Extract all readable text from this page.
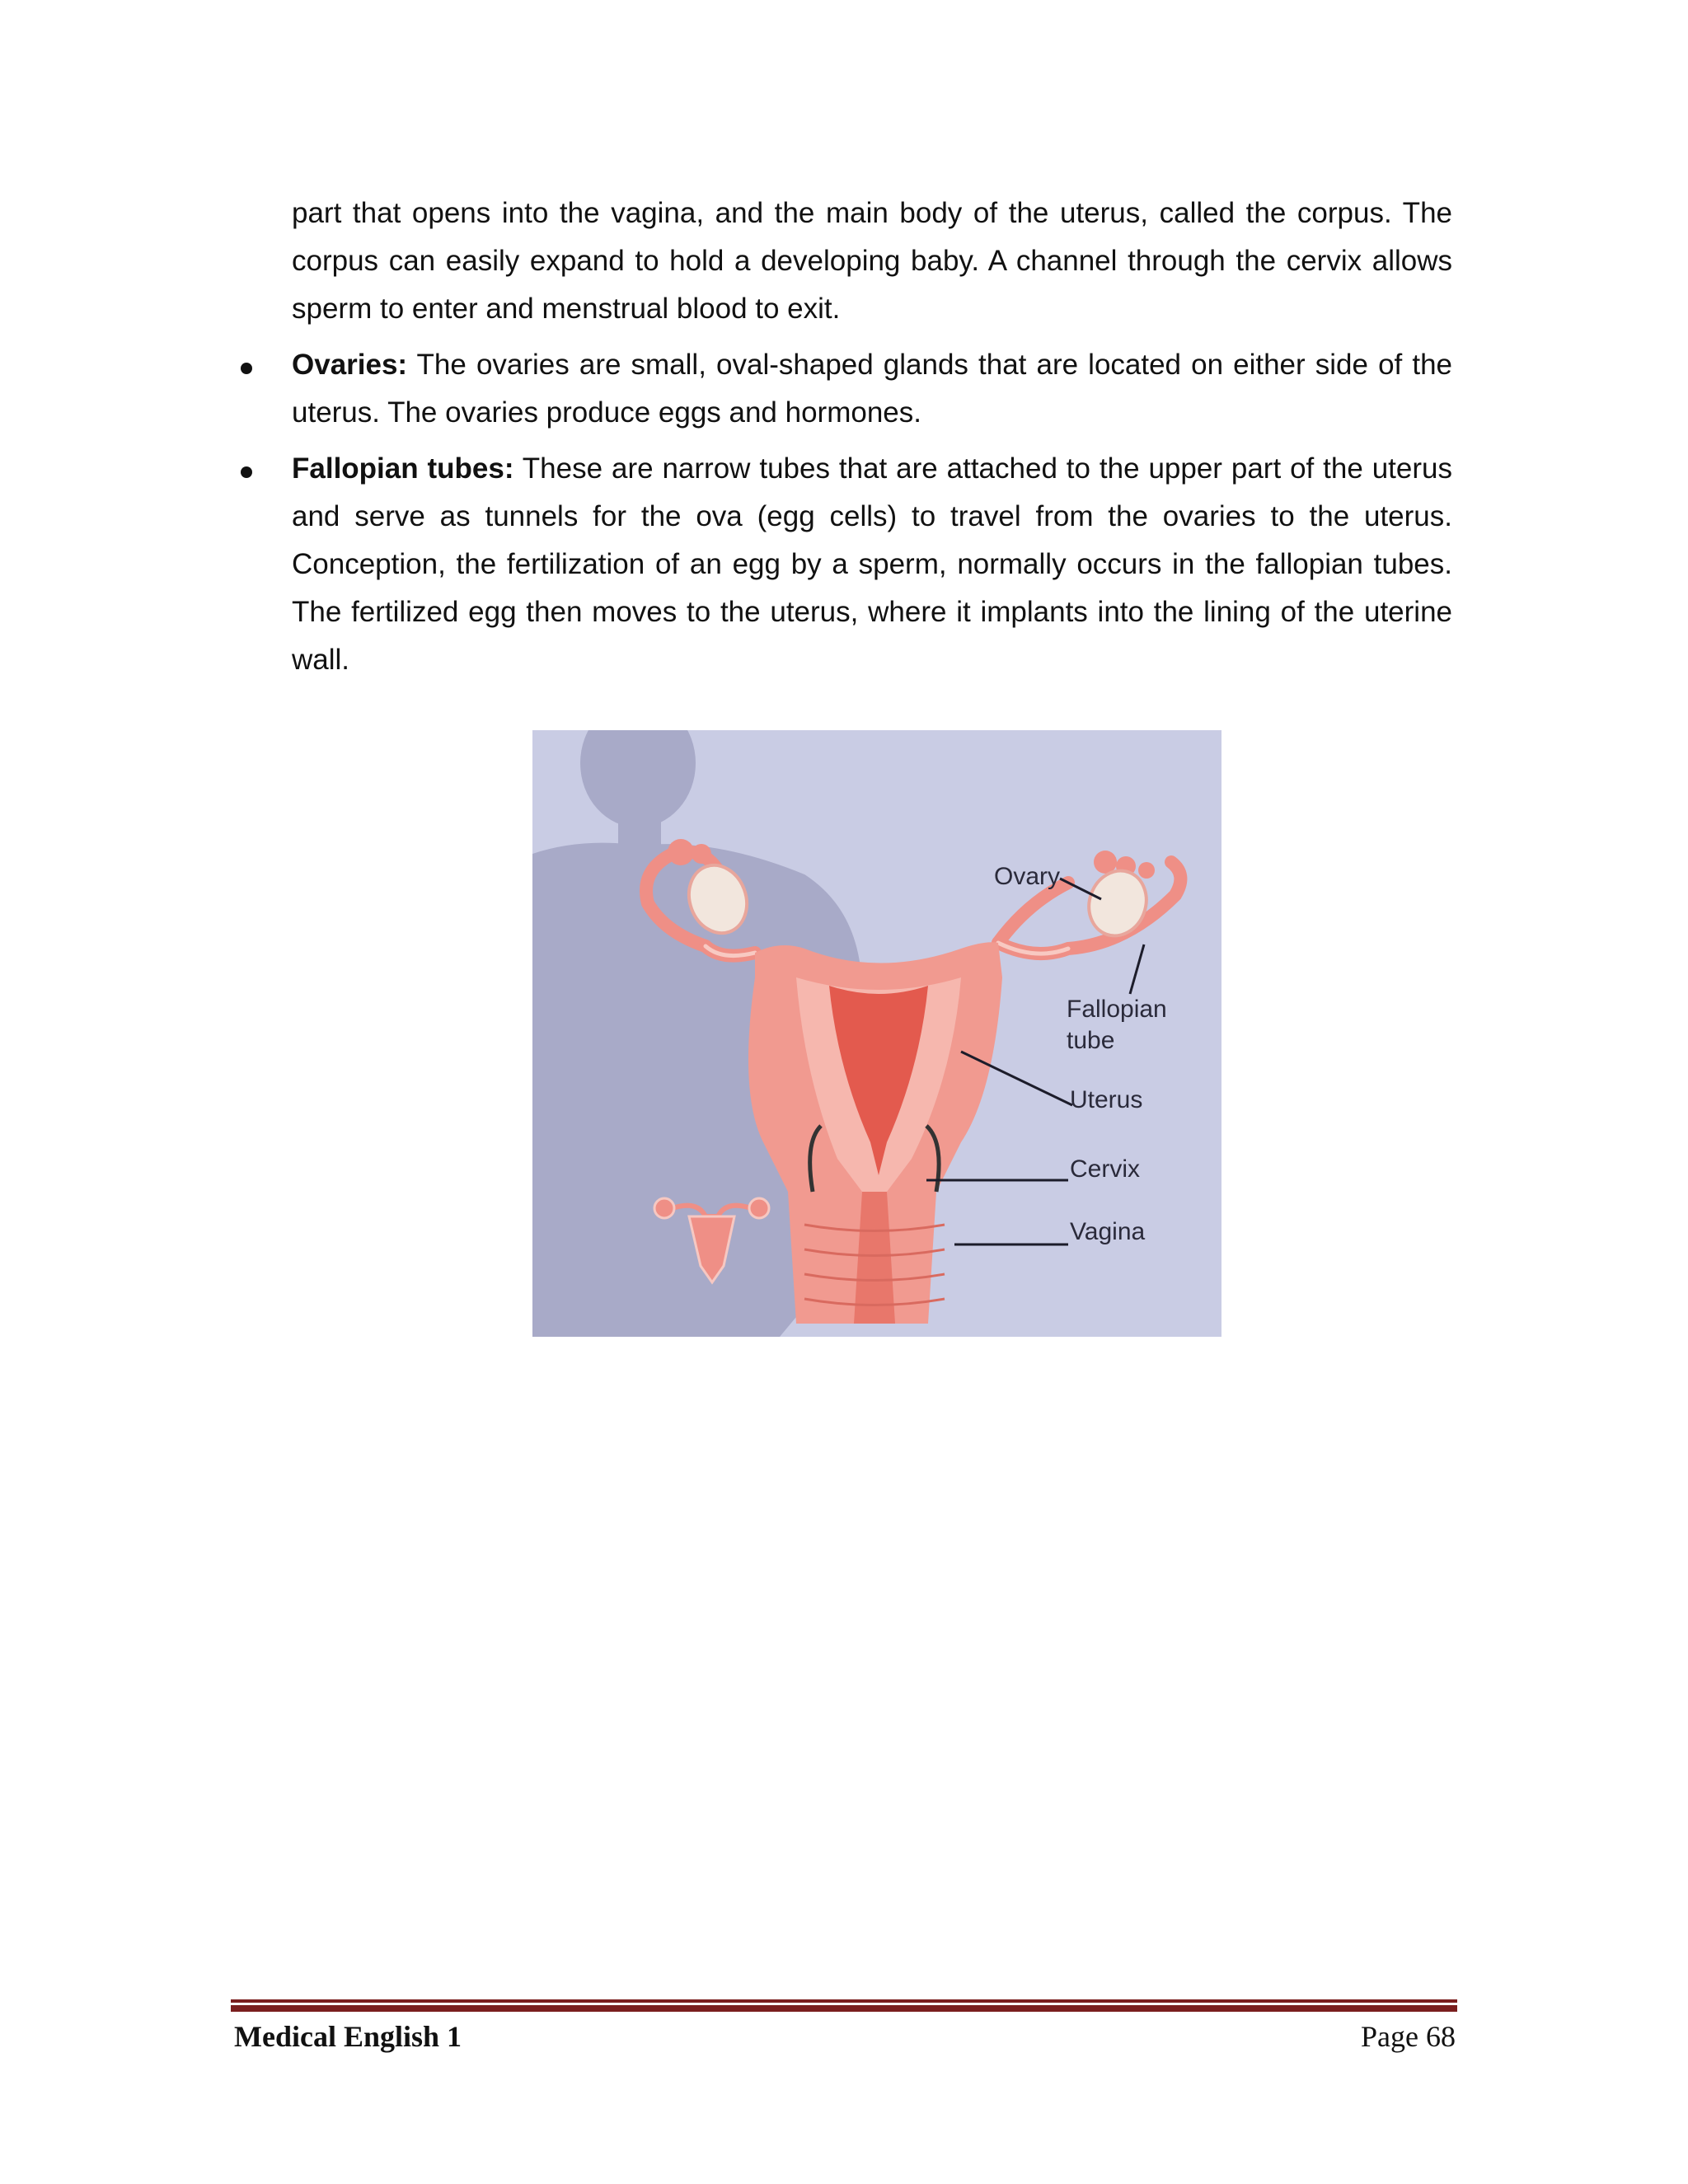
part that opens into the vagina, and the main body of the uterus, called the corpus. The corpus can easily expand to hold a developing baby. A channel through the cervix allows sperm to enter and menstrual blood to exit.

Ovaries: The ovaries are small, oval-shaped glands that are located on either side of the uterus. The ovaries produce eggs and hormones.

Fallopian tubes: These are narrow tubes that are attached to the upper part of the uterus and serve as tunnels for the ova (egg cells) to travel from the ovaries to the uterus. Conception, the fertilization of an egg by a sperm, normally occurs in the fallopian tubes. The fertilized egg then moves to the uterus, where it implants into the lining of the uterine wall.

Ovary
Fallopian
tube
Uterus
Cervix
Vagina
Medical English 1	Page 68
